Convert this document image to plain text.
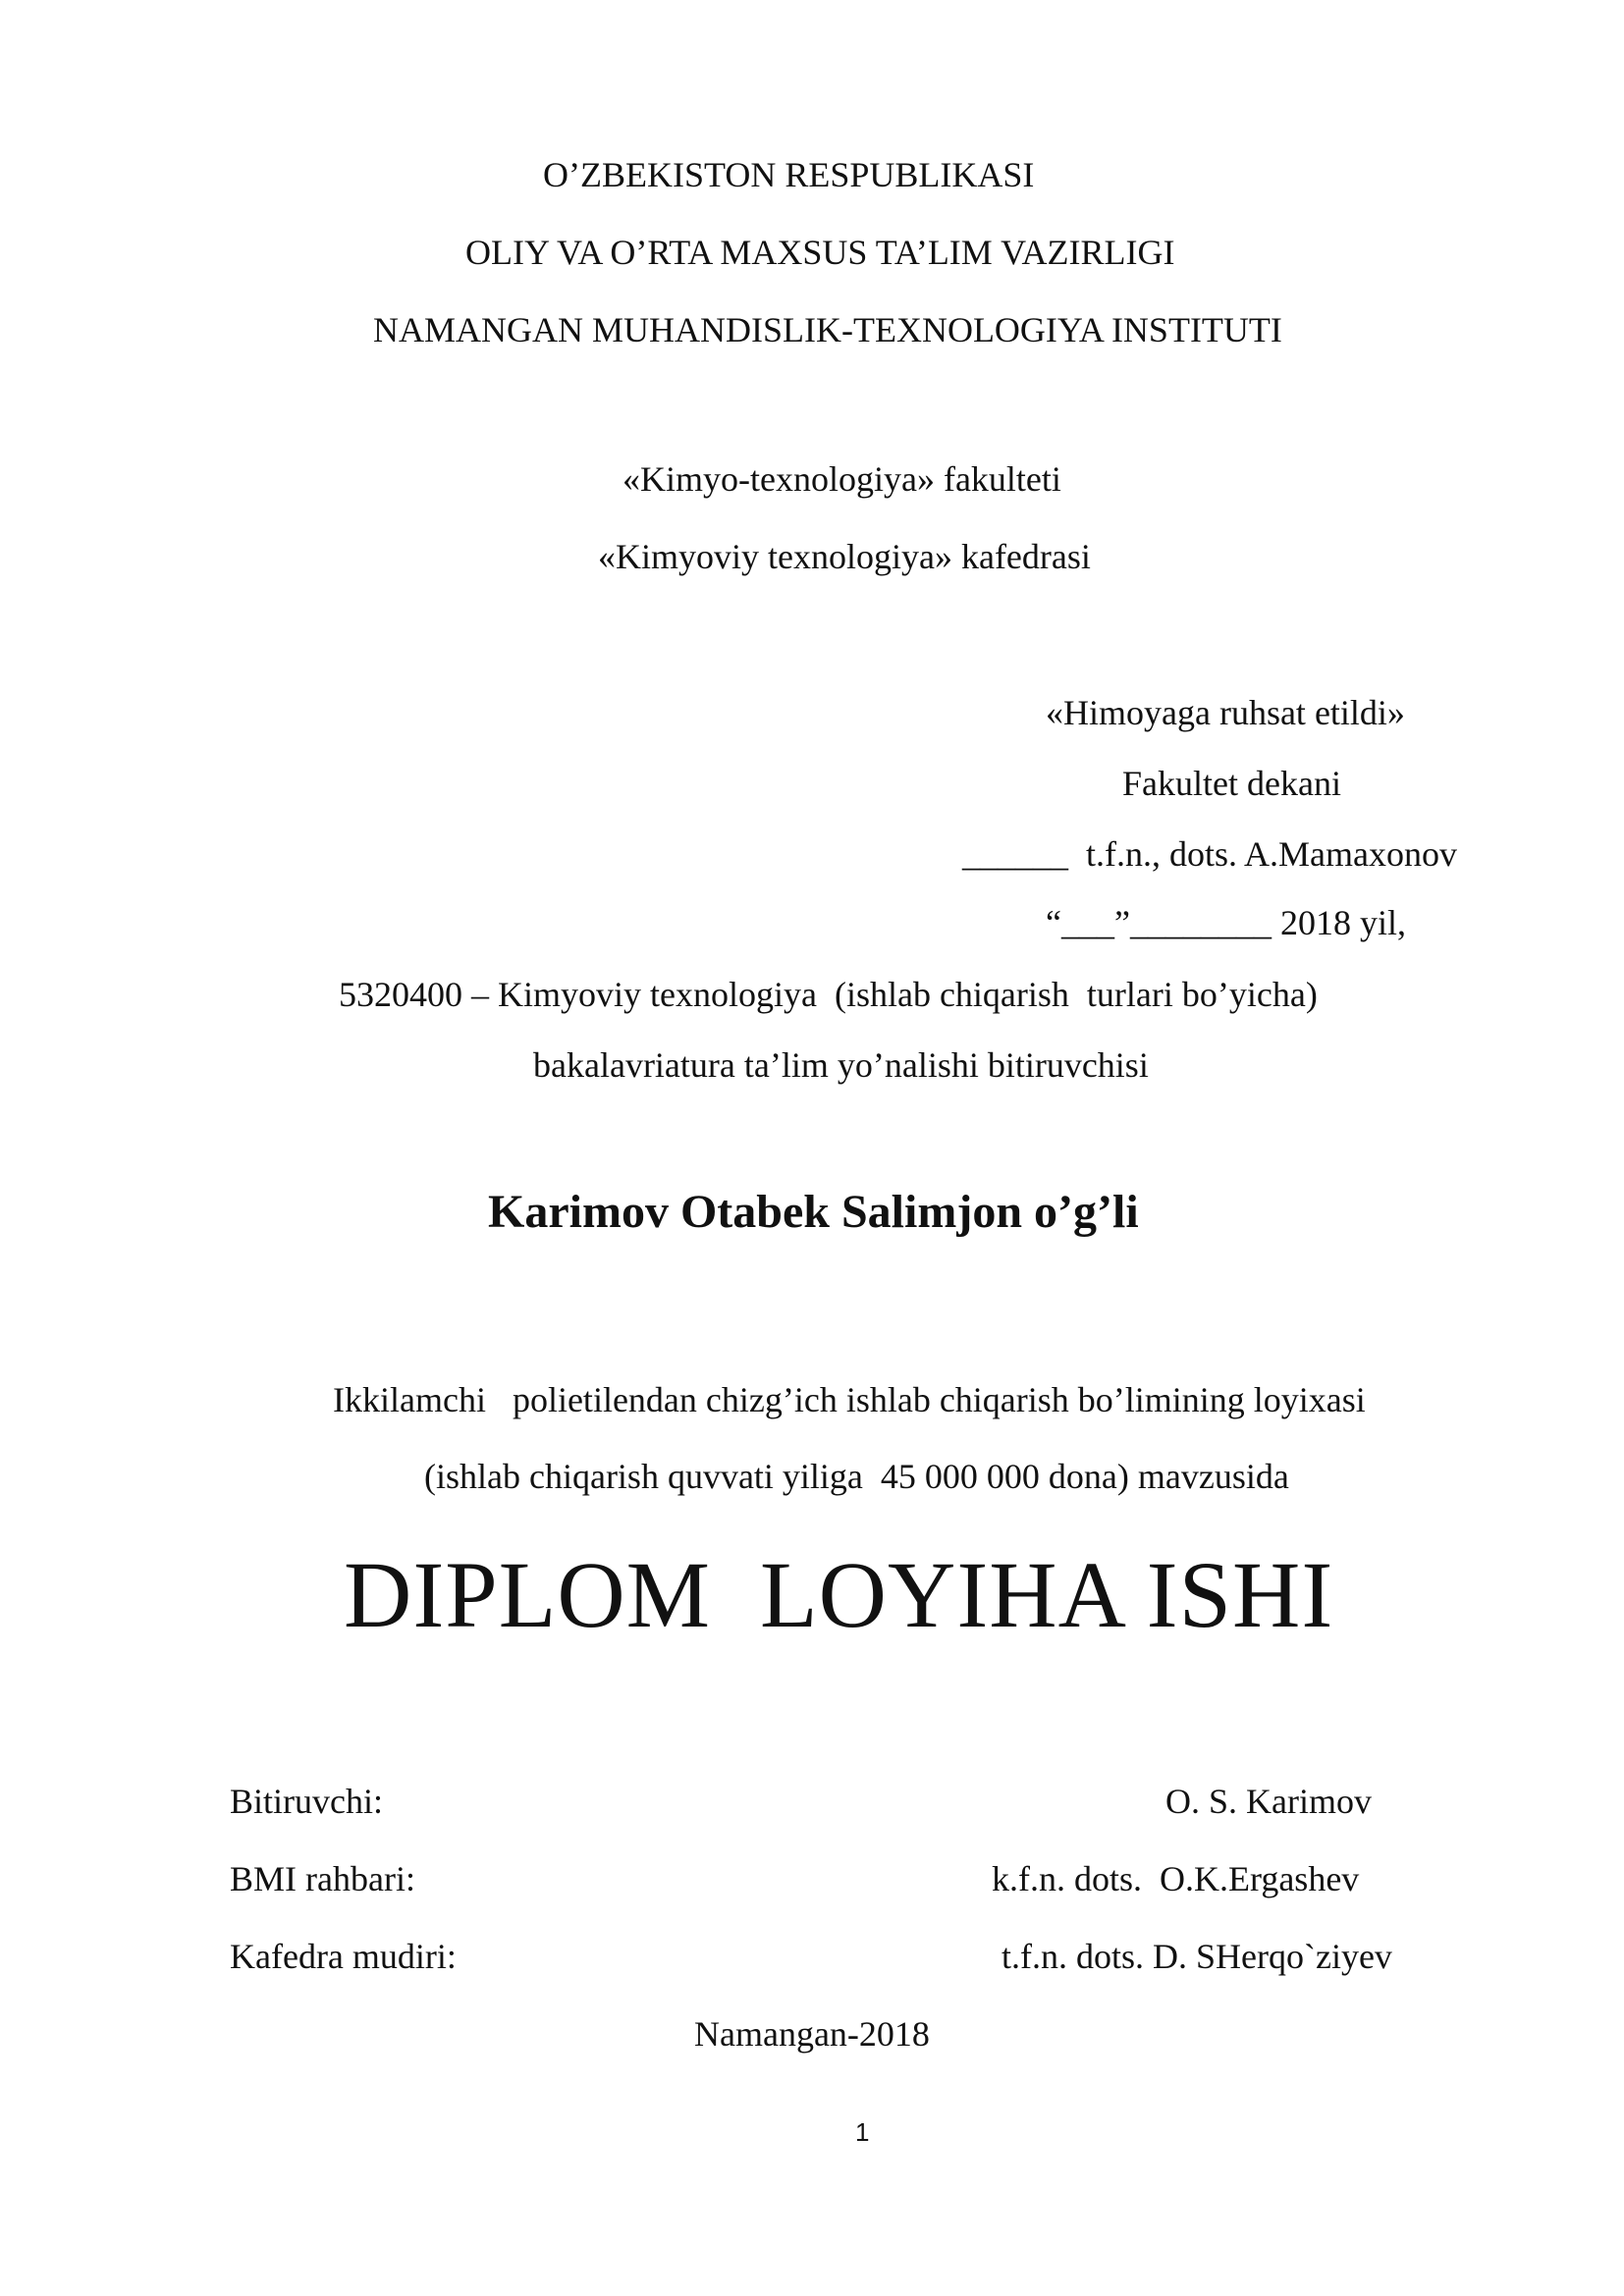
O’ZBEKISTON RESPUBLIKASI
OLIY VA O’RTA MAXSUS TA’LIM VAZIRLIGI
NAMANGAN MUHANDISLIK-TEXNOLOGIYA INSTITUTI
«Kimyo-texnologiya» fakulteti
«Kimyoviy texnologiya» kafedrasi
«Himoyaga ruhsat etildi»
Fakultet dekani
______  t.f.n., dots. A.Mamaxonov
“___”________ 2018 yil,
5320400 – Kimyoviy texnologiya  (ishlab chiqarish  turlari bo’yicha)
bakalavriatura ta’lim yo’nalishi bitiruvchisi
Karimov Otabek Salimjon o’g’li
Ikkilamchi   polietilendan chizg’ich ishlab chiqarish bo’limining loyixasi
(ishlab chiqarish quvvati yiliga  45 000 000 dona) mavzusida
DIPLOM  LOYIHA ISHI
Bitiruvchi:	O. S. Karimov
BMI rahbari:	k.f.n. dots.  O.K.Ergashev
Kafedra mudiri:	t.f.n. dots. D. SHerqo`ziyev
Namangan-2018
1
